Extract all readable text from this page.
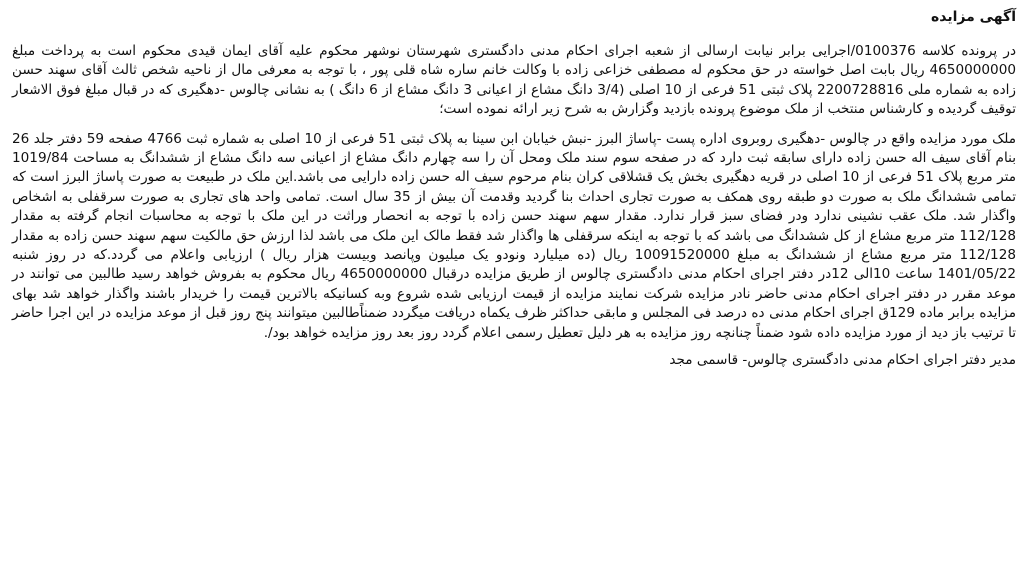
آگهی مزایده
در پرونده کلاسه 0100376/اجرایی برابر نیابت ارسالی از شعبه اجرای احکام مدنی دادگستری شهرستان نوشهر محکوم علیه آقای ایمان قیدی محکوم است به پرداخت مبلغ 4650000000 ریال بابت اصل خواسته در حق محکوم له مصطفی خزاعی زاده با وکالت خانم ساره شاه قلی پور ، با توجه به معرفی مال از ناحیه شخص ثالث آقای سهند حسن زاده به شماره ملی 2200728816 پلاک ثبتی 51 فرعی از 10 اصلی (3/4 دانگ مشاع از اعیانی 3 دانگ مشاع از 6 دانگ ) به نشانی چالوس -دهگیری که در قبال مبلغ فوق الاشعار توقیف گردیده و کارشناس منتخب از ملک موضوع پرونده بازدید وگزارش به شرح زیر ارائه نموده است؛
ملک مورد مزایده واقع در چالوس -دهگیری روبروی اداره پست -پاساژ البرز -نبش خیابان ابن سینا به پلاک ثبتی 51 فرعی از 10 اصلی به شماره ثبت 4766 صفحه 59 دفتر جلد 26 بنام آقای سیف اله حسن زاده دارای سابقه ثبت دارد که در صفحه سوم سند ملک ومحل آن را سه چهارم دانگ مشاع از اعیانی سه دانگ مشاع از ششدانگ به مساحت 1019/84 متر مربع پلاک 51 فرعی از 10 اصلی در قریه دهگیری بخش یک قشلاقی کران بنام مرحوم سیف اله حسن زاده دارایی می باشد.این ملک در طبیعت به صورت پاساژ البرز است که تمامی ششدانگ ملک به صورت دو طبقه روی همکف به صورت تجاری احداث بنا گردید وقدمت آن بیش از 35 سال است. تمامی واحد های تجاری به صورت سرقفلی به اشخاص واگذار شد. ملک عقب نشینی ندارد ودر فضای سبز قرار ندارد. مقدار سهم سهند حسن زاده با توجه به انحصار وراثت در این ملک با توجه به محاسبات انجام گرفته به مقدار 112/128 متر مربع مشاع از کل ششدانگ می باشد که با توجه به اینکه سرقفلی ها واگذار شد فقط مالک این ملک می باشد لذا ارزش حق مالکیت سهم سهند حسن زاده به مقدار 112/128 متر مربع مشاع از ششدانگ به مبلغ 10091520000 ریال (ده میلیارد ونودو یک میلیون وپانصد وبیست هزار ریال ) ارزیابی واعلام می گردد.که در روز شنبه 1401/05/22 ساعت 10الی 12در دفتر اجرای احکام مدنی دادگستری چالوس از طریق مزایده درقبال 4650000000 ریال محکوم به بفروش خواهد رسید طالبین می توانند در موعد مقرر در دفتر اجرای احکام مدنی حاضر نادر مزایده شرکت نمایند مزایده از قیمت ارزیابی شده شروع وبه کسانیکه بالاترین قیمت را خریدار باشند واگذار خواهد شد بهای مزایده برابر ماده 129ق اجرای احکام مدنی ده درصد فی المجلس و مابقی حداکثر ظرف یکماه دریافت میگردد ضمناًطالبین میتوانند پنج روز قبل از موعد مزایده در این اجرا حاضر تا ترتیب باز دید از مورد مزایده داده شود ضمناً چنانچه روز مزایده به هر دلیل تعطیل رسمی اعلام گردد روز بعد روز مزایده خواهد بود/.
مدیر دفتر اجرای احکام مدنی دادگستری چالوس- قاسمی مجد
